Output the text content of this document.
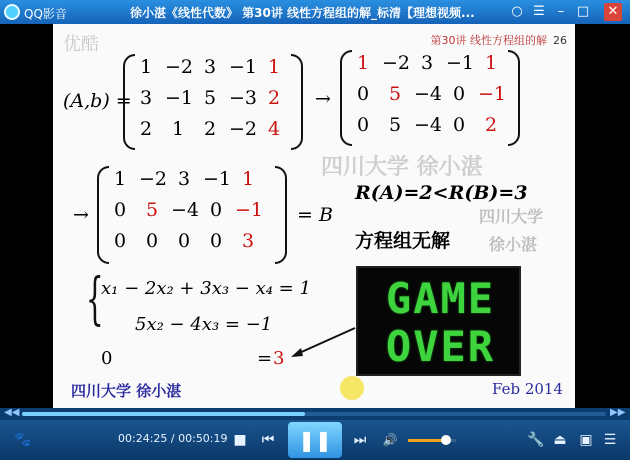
QQ影音	徐小湛《线性代数》 第30讲 线性方程组的解_标清【理想视频...	○ ☰ – □ ✕
优酷	第30讲 线性方程组的解 26
(A,b) =
1 −2 3 −1 1
3 −1 5 −3 2
2	1	2 −2 4
→
1 −2 3 −1 1
0	5 −4 0 −1
0	5 −4 0	2
四川大学 徐小湛
→
1 −2 3 −1 1
0	5 −4 0 −1
0	0	0	0	3
= B
R(A)=2<R(B)=3
方程组无解
四川大学
徐小湛
{
x₁ − 2x₂ + 3x₃ − x₄ = 1
5x₂ − 4x₃ = −1
0	= 3
GAME
OVER
四川大学 徐小湛	Feb 2014
◀◀	▶▶
🐾	00:24:25 / 00:50:19 ■ ⏮	❚❚	⏭	🔊	🔧 ⏏ ▣ ☰
